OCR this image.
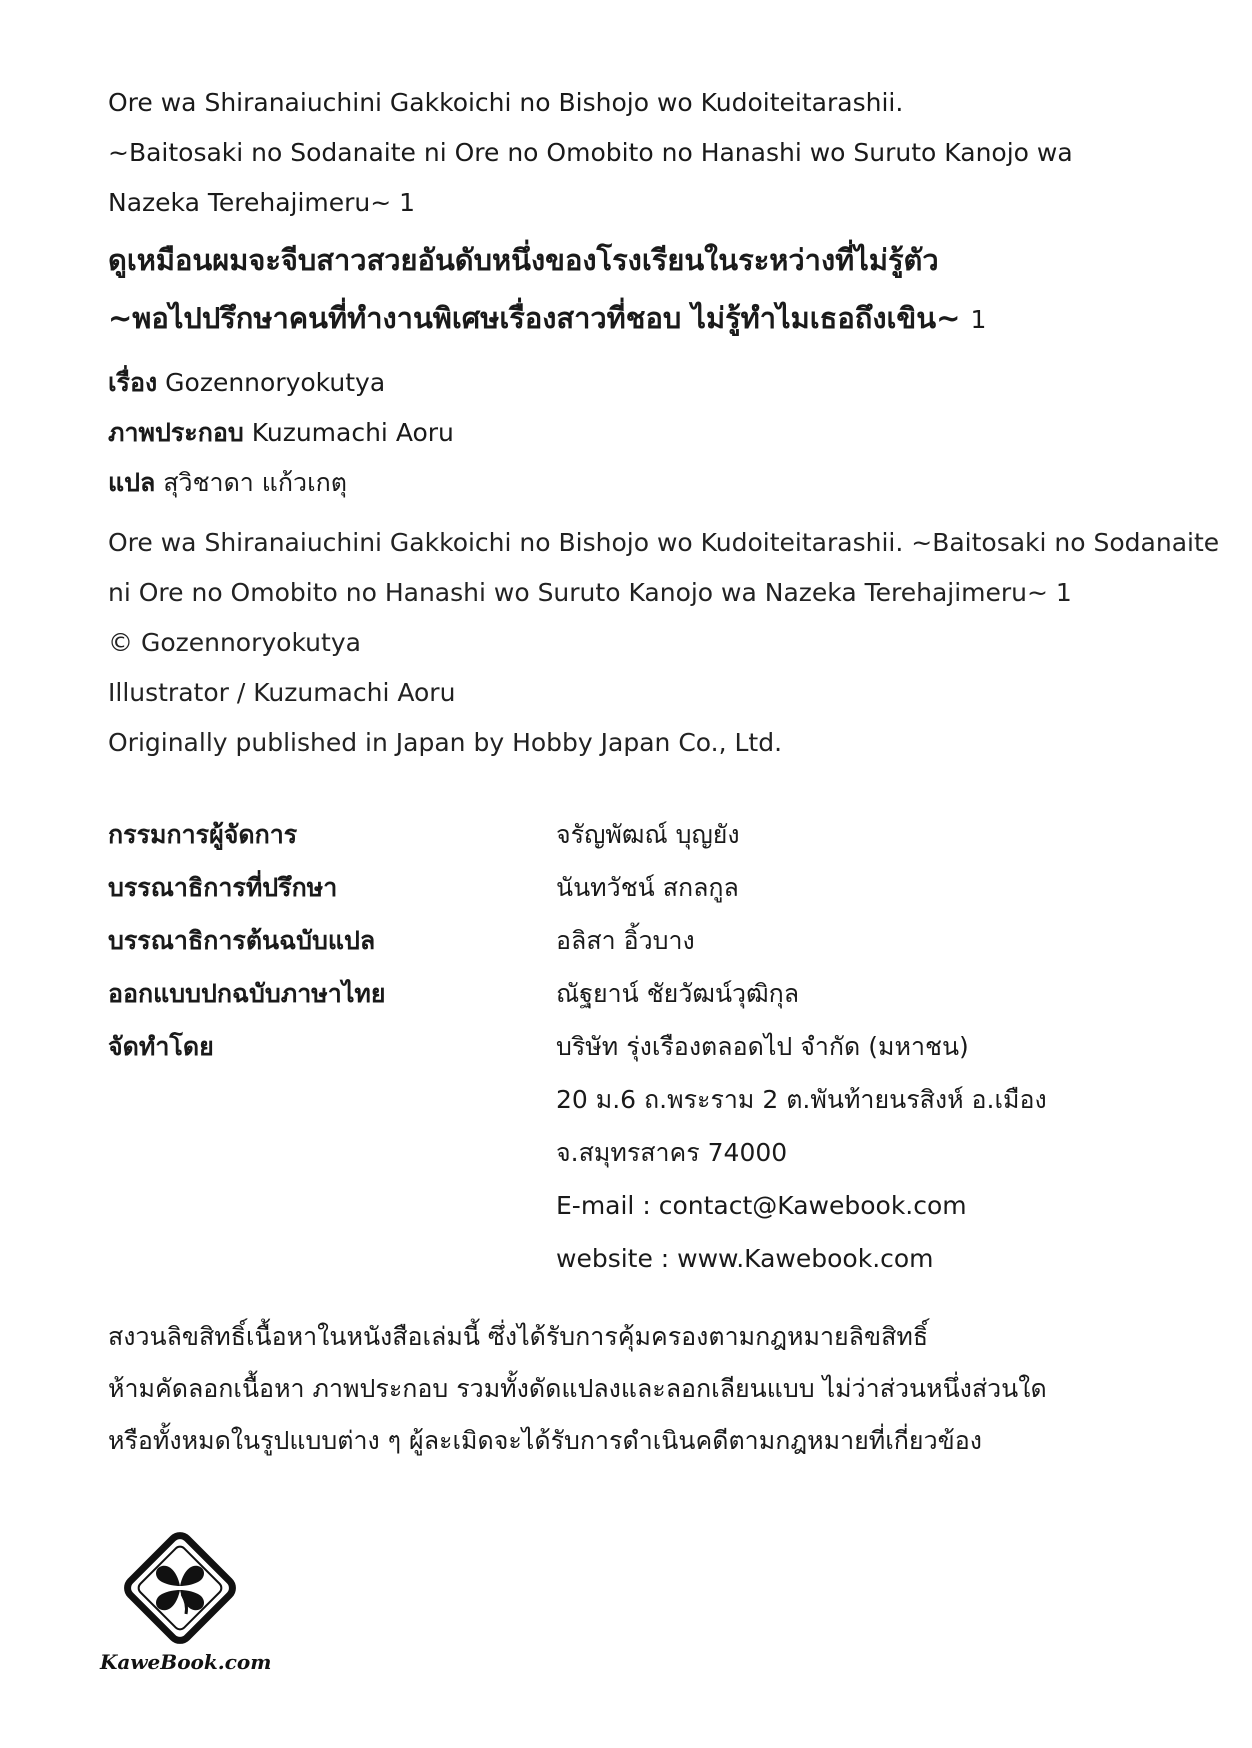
Ore wa Shiranaiuchini Gakkoichi no Bishojo wo Kudoiteitarashii.
~Baitosaki no Sodanaite ni Ore no Omobito no Hanashi wo Suruto Kanojo wa
Nazeka Terehajimeru~ 1
ดูเหมือนผมจะจีบสาวสวยอันดับหนึ่งของโรงเรียนในระหว่างที่ไม่รู้ตัว
~พอไปปรึกษาคนที่ทำงานพิเศษเรื่องสาวที่ชอบ ไม่รู้ทำไมเธอถึงเขิน~ 1
เรื่อง Gozennoryokutya
ภาพประกอบ Kuzumachi Aoru
แปล สุวิชาดา แก้วเกตุ
Ore wa Shiranaiuchini Gakkoichi no Bishojo wo Kudoiteitarashii. ~Baitosaki no Sodanaite
ni Ore no Omobito no Hanashi wo Suruto Kanojo wa Nazeka Terehajimeru~ 1
© Gozennoryokutya
Illustrator / Kuzumachi Aoru
Originally published in Japan by Hobby Japan Co., Ltd.
กรรมการผู้จัดการ	จรัญพัฒณ์ บุญยัง
บรรณาธิการที่ปรึกษา	นันทวัชน์ สกลกูล
บรรณาธิการต้นฉบับแปล	อลิสา อิ้วบาง
ออกแบบปกฉบับภาษาไทย	ณัฐยาน์ ชัยวัฒน์วุฒิกุล
จัดทำโดย	บริษัท รุ่งเรืองตลอดไป จำกัด (มหาชน)
20 ม.6 ถ.พระราม 2 ต.พันท้ายนรสิงห์ อ.เมือง
จ.สมุทรสาคร 74000
E-mail : contact@Kawebook.com
website : www.Kawebook.com
สงวนลิขสิทธิ์เนื้อหาในหนังสือเล่มนี้ ซึ่งได้รับการคุ้มครองตามกฎหมายลิขสิทธิ์
ห้ามคัดลอกเนื้อหา ภาพประกอบ รวมทั้งดัดแปลงและลอกเลียนแบบ ไม่ว่าส่วนหนึ่งส่วนใด
หรือทั้งหมดในรูปแบบต่าง ๆ ผู้ละเมิดจะได้รับการดำเนินคดีตามกฎหมายที่เกี่ยวข้อง
KaweBook.com
